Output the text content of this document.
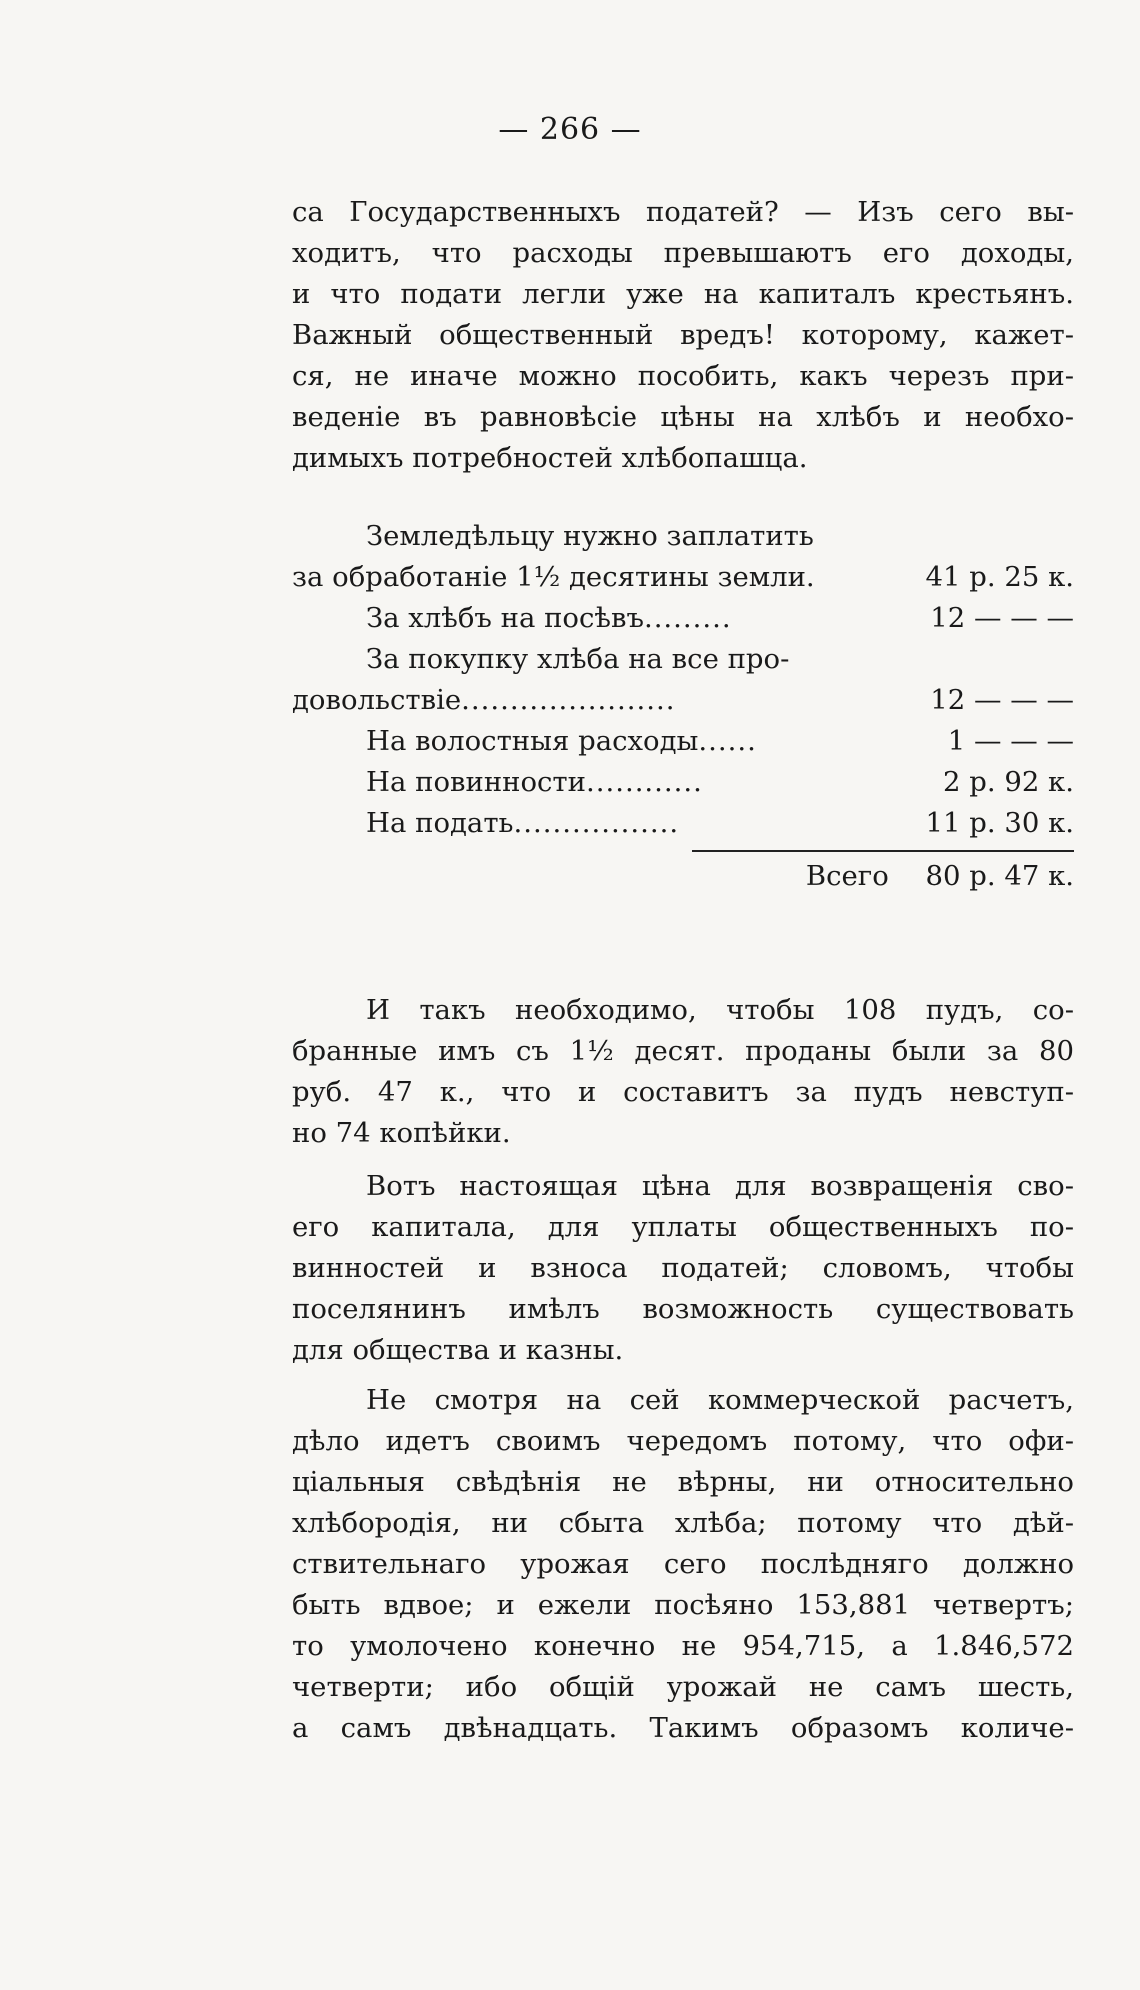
— 266 —
са Государственныхъ податей? — Изъ сего вы-
ходитъ, что расходы превышаютъ его доходы,
и что подати легли уже на капиталъ крестьянъ.
Важный общественный вредъ! которому, кажет-
ся, не иначе можно пособить, какъ черезъ при-
веденіе въ равновѣсіе цѣны на хлѣбъ и необхо-
димыхъ потребностей хлѣбопашца.
Земледѣльцу нужно заплатить
за обработаніе 1½ десятины земли.	41 р. 25 к.
За хлѣбъ на посѣвъ.........	12 — — —
За покупку хлѣба на все про-
довольствіе......................	12 — — —
На волостныя расходы......	1 — — —
На повинности............	2 р. 92 к.
На подать.................	11 р. 30 к.
Всего 80 р. 47 к.
И такъ необходимо, чтобы 108 пудъ, со-
бранные имъ съ 1½ десят. проданы были за 80
руб. 47 к., что и составитъ за пудъ невступ-
но 74 копѣйки.
Вотъ настоящая цѣна для возвращенія сво-
его капитала, для уплаты общественныхъ по-
винностей и взноса податей; словомъ, чтобы
поселянинъ имѣлъ возможность существовать
для общества и казны.
Не смотря на сей коммерческой расчетъ,
дѣло идетъ своимъ чередомъ потому, что офи-
ціальныя свѣдѣнія не вѣрны, ни относительно
хлѣбородія, ни сбыта хлѣба; потому что дѣй-
ствительнаго урожая сего послѣдняго должно
быть вдвое; и ежели посѣяно 153,881 четвертъ;
то умолочено конечно не 954,715, а 1.846,572
четверти; ибо общій урожай не самъ шесть,
а самъ двѣнадцать. Такимъ образомъ количе-
